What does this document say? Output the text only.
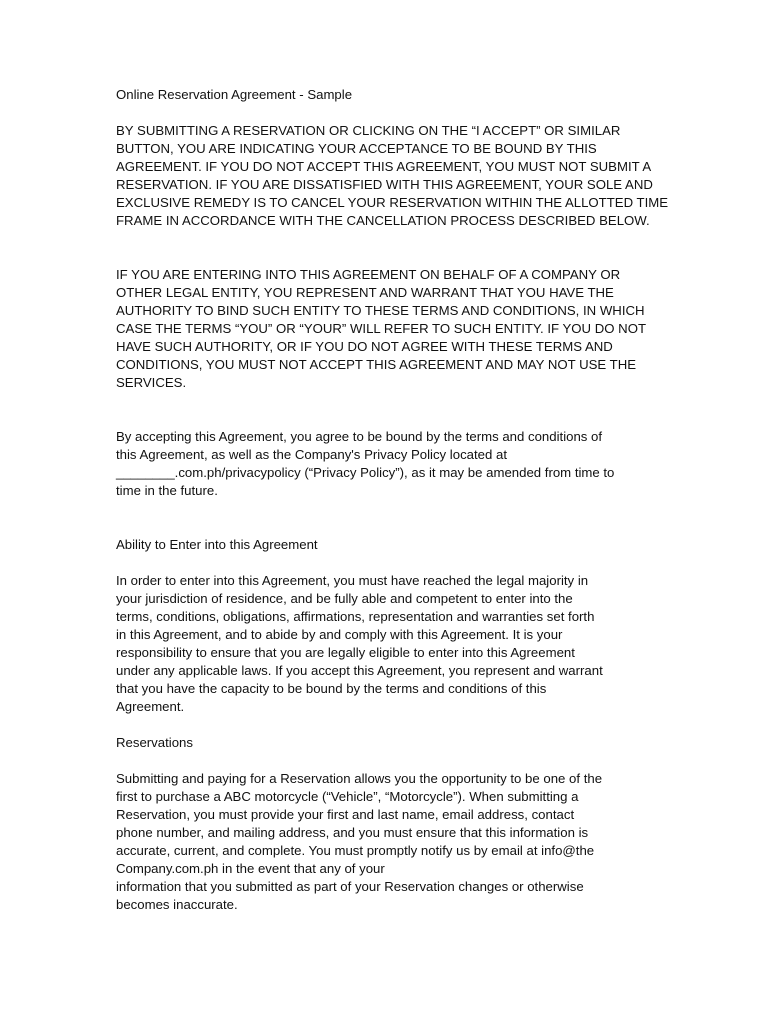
Online Reservation Agreement - Sample
BY SUBMITTING A RESERVATION OR CLICKING ON THE “I ACCEPT” OR SIMILAR
BUTTON, YOU ARE INDICATING YOUR ACCEPTANCE TO BE BOUND BY THIS
AGREEMENT. IF YOU DO NOT ACCEPT THIS AGREEMENT, YOU MUST NOT SUBMIT A
RESERVATION. IF YOU ARE DISSATISFIED WITH THIS AGREEMENT, YOUR SOLE AND
EXCLUSIVE REMEDY IS TO CANCEL YOUR RESERVATION WITHIN THE ALLOTTED TIME
FRAME IN ACCORDANCE WITH THE CANCELLATION PROCESS DESCRIBED BELOW.
IF YOU ARE ENTERING INTO THIS AGREEMENT ON BEHALF OF A COMPANY OR
OTHER LEGAL ENTITY, YOU REPRESENT AND WARRANT THAT YOU HAVE THE
AUTHORITY TO BIND SUCH ENTITY TO THESE TERMS AND CONDITIONS, IN WHICH
CASE THE TERMS “YOU” OR “YOUR” WILL REFER TO SUCH ENTITY. IF YOU DO NOT
HAVE SUCH AUTHORITY, OR IF YOU DO NOT AGREE WITH THESE TERMS AND
CONDITIONS, YOU MUST NOT ACCEPT THIS AGREEMENT AND MAY NOT USE THE
SERVICES.
By accepting this Agreement, you agree to be bound by the terms and conditions of
this Agreement, as well as the Company's Privacy Policy located at
________.com.ph/privacypolicy (“Privacy Policy”), as it may be amended from time to
time in the future.
Ability to Enter into this Agreement
In order to enter into this Agreement, you must have reached the legal majority in
your jurisdiction of residence, and be fully able and competent to enter into the
terms, conditions, obligations, affirmations, representation and warranties set forth
in this Agreement, and to abide by and comply with this Agreement. It is your
responsibility to ensure that you are legally eligible to enter into this Agreement
under any applicable laws. If you accept this Agreement, you represent and warrant
that you have the capacity to be bound by the terms and conditions of this
Agreement.
Reservations
Submitting and paying for a Reservation allows you the opportunity to be one of the
first to purchase a ABC motorcycle (“Vehicle”, “Motorcycle”). When submitting a
Reservation, you must provide your first and last name, email address, contact
phone number, and mailing address, and you must ensure that this information is
accurate, current, and complete. You must promptly notify us by email at info@the
Company.com.ph in the event that any of your
information that you submitted as part of your Reservation changes or otherwise
becomes inaccurate.
